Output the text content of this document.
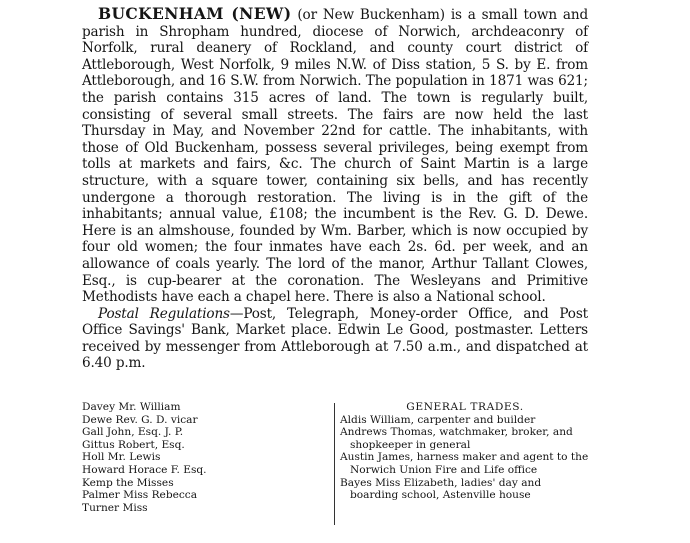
BUCKENHAM (NEW) (or New Buckenham) is a small town and parish in Shropham hundred, diocese of Norwich, archdeaconry of Norfolk, rural deanery of Rockland, and county court district of Attleborough, West Norfolk, 9 miles N.W. of Diss station, 5 S. by E. from Attleborough, and 16 S.W. from Norwich. The population in 1871 was 621; the parish contains 315 acres of land. The town is regularly built, consisting of several small streets. The fairs are now held the last Thursday in May, and November 22nd for cattle. The inhabitants, with those of Old Buckenham, possess several privileges, being exempt from tolls at markets and fairs, &c. The church of Saint Martin is a large structure, with a square tower, containing six bells, and has recently undergone a thorough restoration. The living is in the gift of the inhabitants; annual value, £108; the incumbent is the Rev. G. D. Dewe. Here is an almshouse, founded by Wm. Barber, which is now occupied by four old women; the four inmates have each 2s. 6d. per week, and an allowance of coals yearly. The lord of the manor, Arthur Tallant Clowes, Esq., is cup-bearer at the coronation. The Wesleyans and Primitive Methodists have each a chapel here. There is also a National school.

Postal Regulations—Post, Telegraph, Money-order Office, and Post Office Savings' Bank, Market place. Edwin Le Good, postmaster. Letters received by messenger from Attleborough at 7.50 a.m., and dispatched at 6.40 p.m.

Davey Mr. William
Dewe Rev. G. D. vicar
Gall John, Esq. J. P.
Gittus Robert, Esq.
Holl Mr. Lewis
Howard Horace F. Esq.
Kemp the Misses
Palmer Miss Rebecca
Turner Miss
GENERAL TRADES.
Aldis William, carpenter and builder
Andrews Thomas, watchmaker, broker, and shopkeeper in general
Austin James, harness maker and agent to the Norwich Union Fire and Life office
Bayes Miss Elizabeth, ladies' day and boarding school, Astenville house
